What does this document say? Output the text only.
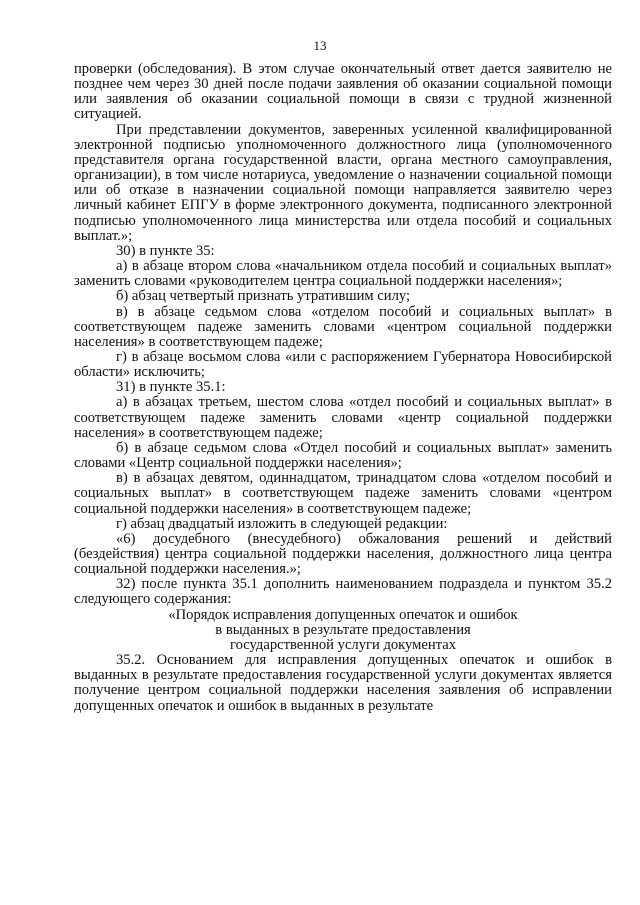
13

проверки (обследования). В этом случае окончательный ответ дается заявителю не позднее чем через 30 дней после подачи заявления об оказании социальной помощи или заявления об оказании социальной помощи в связи с трудной жизненной ситуацией.

При представлении документов, заверенных усиленной квалифицированной электронной подписью уполномоченного должностного лица (уполномоченного представителя органа государственной власти, органа местного самоуправления, организации), в том числе нотариуса, уведомление о назначении социальной помощи или об отказе в назначении социальной помощи направляется заявителю через личный кабинет ЕПГУ в форме электронного документа, подписанного электронной подписью уполномоченного лица министерства или отдела пособий и социальных выплат.»;

30) в пункте 35:

а) в абзаце втором слова «начальником отдела пособий и социальных выплат» заменить словами «руководителем центра социальной поддержки населения»;

б) абзац четвертый признать утратившим силу;

в) в абзаце седьмом слова «отделом пособий и социальных выплат» в соответствующем падеже заменить словами «центром социальной поддержки населения» в соответствующем падеже;

г) в абзаце восьмом слова «или с распоряжением Губернатора Новосибирской области» исключить;

31) в пункте 35.1:

а) в абзацах третьем, шестом слова «отдел пособий и социальных выплат» в соответствующем падеже заменить словами «центр социальной поддержки населения» в соответствующем падеже;

б) в абзаце седьмом слова «Отдел пособий и социальных выплат» заменить словами «Центр социальной поддержки населения»;

в) в абзацах девятом, одиннадцатом, тринадцатом слова «отделом пособий и социальных выплат» в соответствующем падеже заменить словами «центром социальной поддержки населения» в соответствующем падеже;

г) абзац двадцатый изложить в следующей редакции:

«6) досудебного (внесудебного) обжалования решений и действий (бездействия) центра социальной поддержки населения, должностного лица центра социальной поддержки населения.»;

32) после пункта 35.1 дополнить наименованием подраздела и пунктом 35.2 следующего содержания:

«Порядок исправления допущенных опечаток и ошибок

в выданных в результате предоставления

государственной услуги документах

35.2. Основанием для исправления допущенных опечаток и ошибок в выданных в результате предоставления государственной услуги документах является получение центром социальной поддержки населения заявления об исправлении допущенных опечаток и ошибок в выданных в результате
